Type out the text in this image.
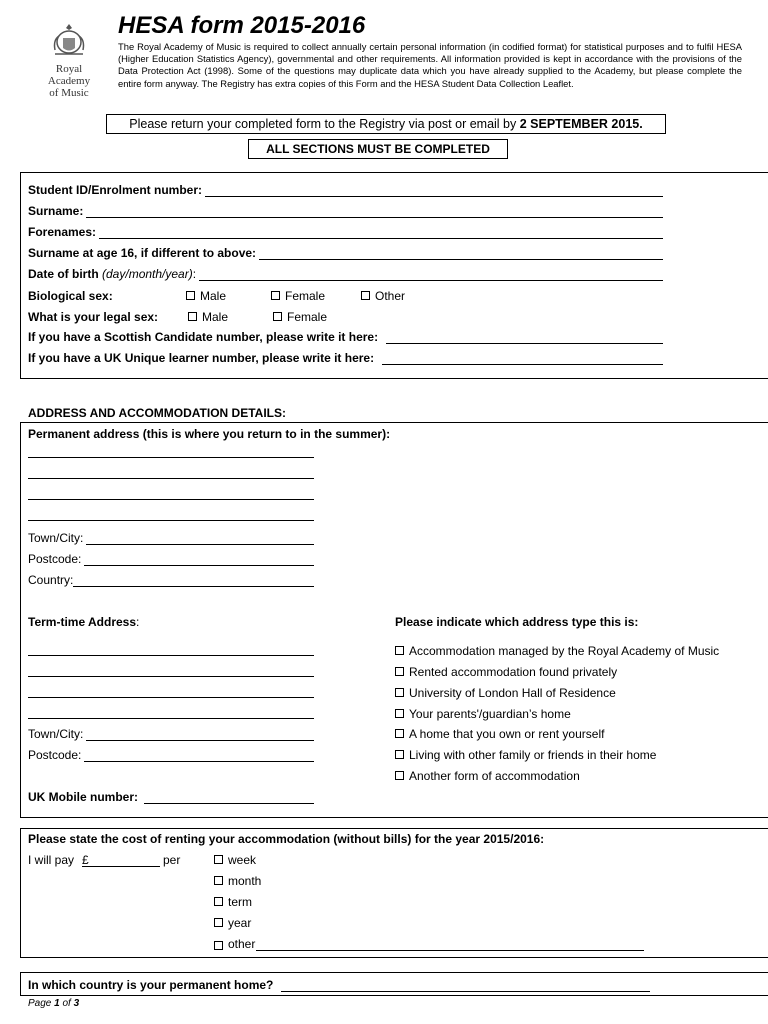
Royal
Academy
of Music
HESA form 2015-2016
The Royal Academy of Music is required to collect annually certain personal information (in codified format) for statistical purposes and to fulfil HESA (Higher Education Statistics Agency), governmental and other requirements. All information provided is kept in accordance with the provisions of the Data Protection Act (1998). Some of the questions may duplicate data which you have already supplied to the Academy, but please complete the entire form anyway. The Registry has extra copies of this Form and the HESA Student Data Collection Leaflet.
Please return your completed form to the Registry via post or email by 2 SEPTEMBER 2015.
ALL SECTIONS MUST BE COMPLETED
Student ID/Enrolment number:
Surname:
Forenames:
Surname at age 16, if different to above:
Date of birth
(day/month/year) :
Biological sex:	Male	Female	Other
What is your legal sex:	Male	Female
If you have a Scottish Candidate number, please write it here:
If you have a UK Unique learner number, please write it here:
ADDRESS AND ACCOMMODATION DETAILS:
Permanent address (this is where you return to in the summer):
Town/City:
Postcode:
Country:
Term-time Address:
Town/City:
Postcode:
UK Mobile number:
Please indicate which address type this is:
Accommodation managed by the Royal Academy of Music
Rented accommodation found privately
University of London Hall of Residence
Your parents'/guardian’s home
A home that you own or rent yourself
Living with other family or friends in their home
Another form of accommodation
Please state the cost of renting your accommodation (without bills) for the year 2015/2016:
I will pay £	per	week
month
term
year
other
In which country is your permanent home?
Page 1 of 3
